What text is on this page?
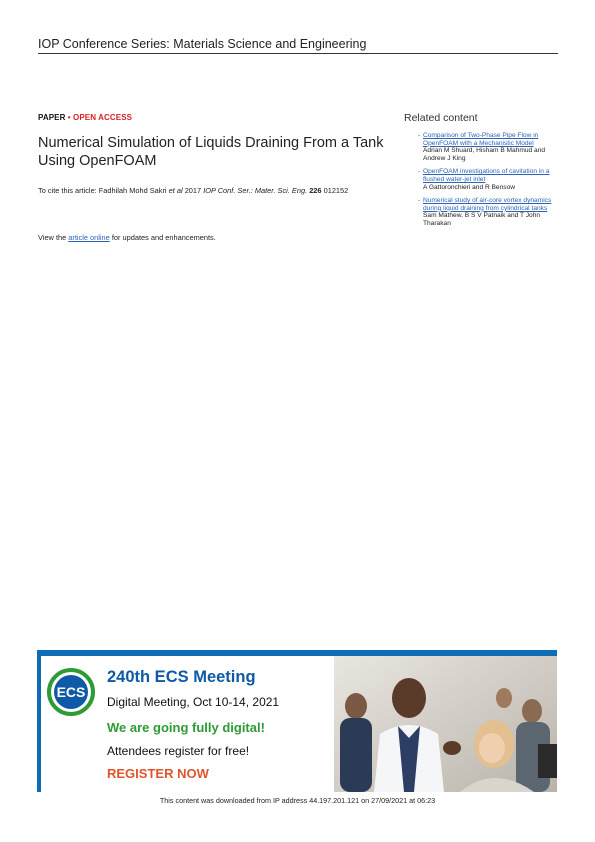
IOP Conference Series: Materials Science and Engineering
PAPER • OPEN ACCESS
Numerical Simulation of Liquids Draining From a Tank Using OpenFOAM
To cite this article: Fadhilah Mohd Sakri et al 2017 IOP Conf. Ser.: Mater. Sci. Eng. 226 012152
View the article online for updates and enhancements.
Related content
- Comparison of Two-Phase Pipe Flow in OpenFOAM with a Mechanistic Model
Adrian M Shuard, Hisham B Mahmud and Andrew J King
- OpenFOAM investigations of cavitation in a flushed water-jet inlet
A Gattoronchieri and R Bensow
- Numerical study of air-core vortex dynamics during liquid draining from cylindrical tanks
Sam Mathew, B S V Patnaik and T John Tharakan
ECS
240th ECS Meeting
Digital Meeting, Oct 10-14, 2021
We are going fully digital!
Attendees register for free!
REGISTER NOW
This content was downloaded from IP address 44.197.201.121 on 27/09/2021 at 06:23
